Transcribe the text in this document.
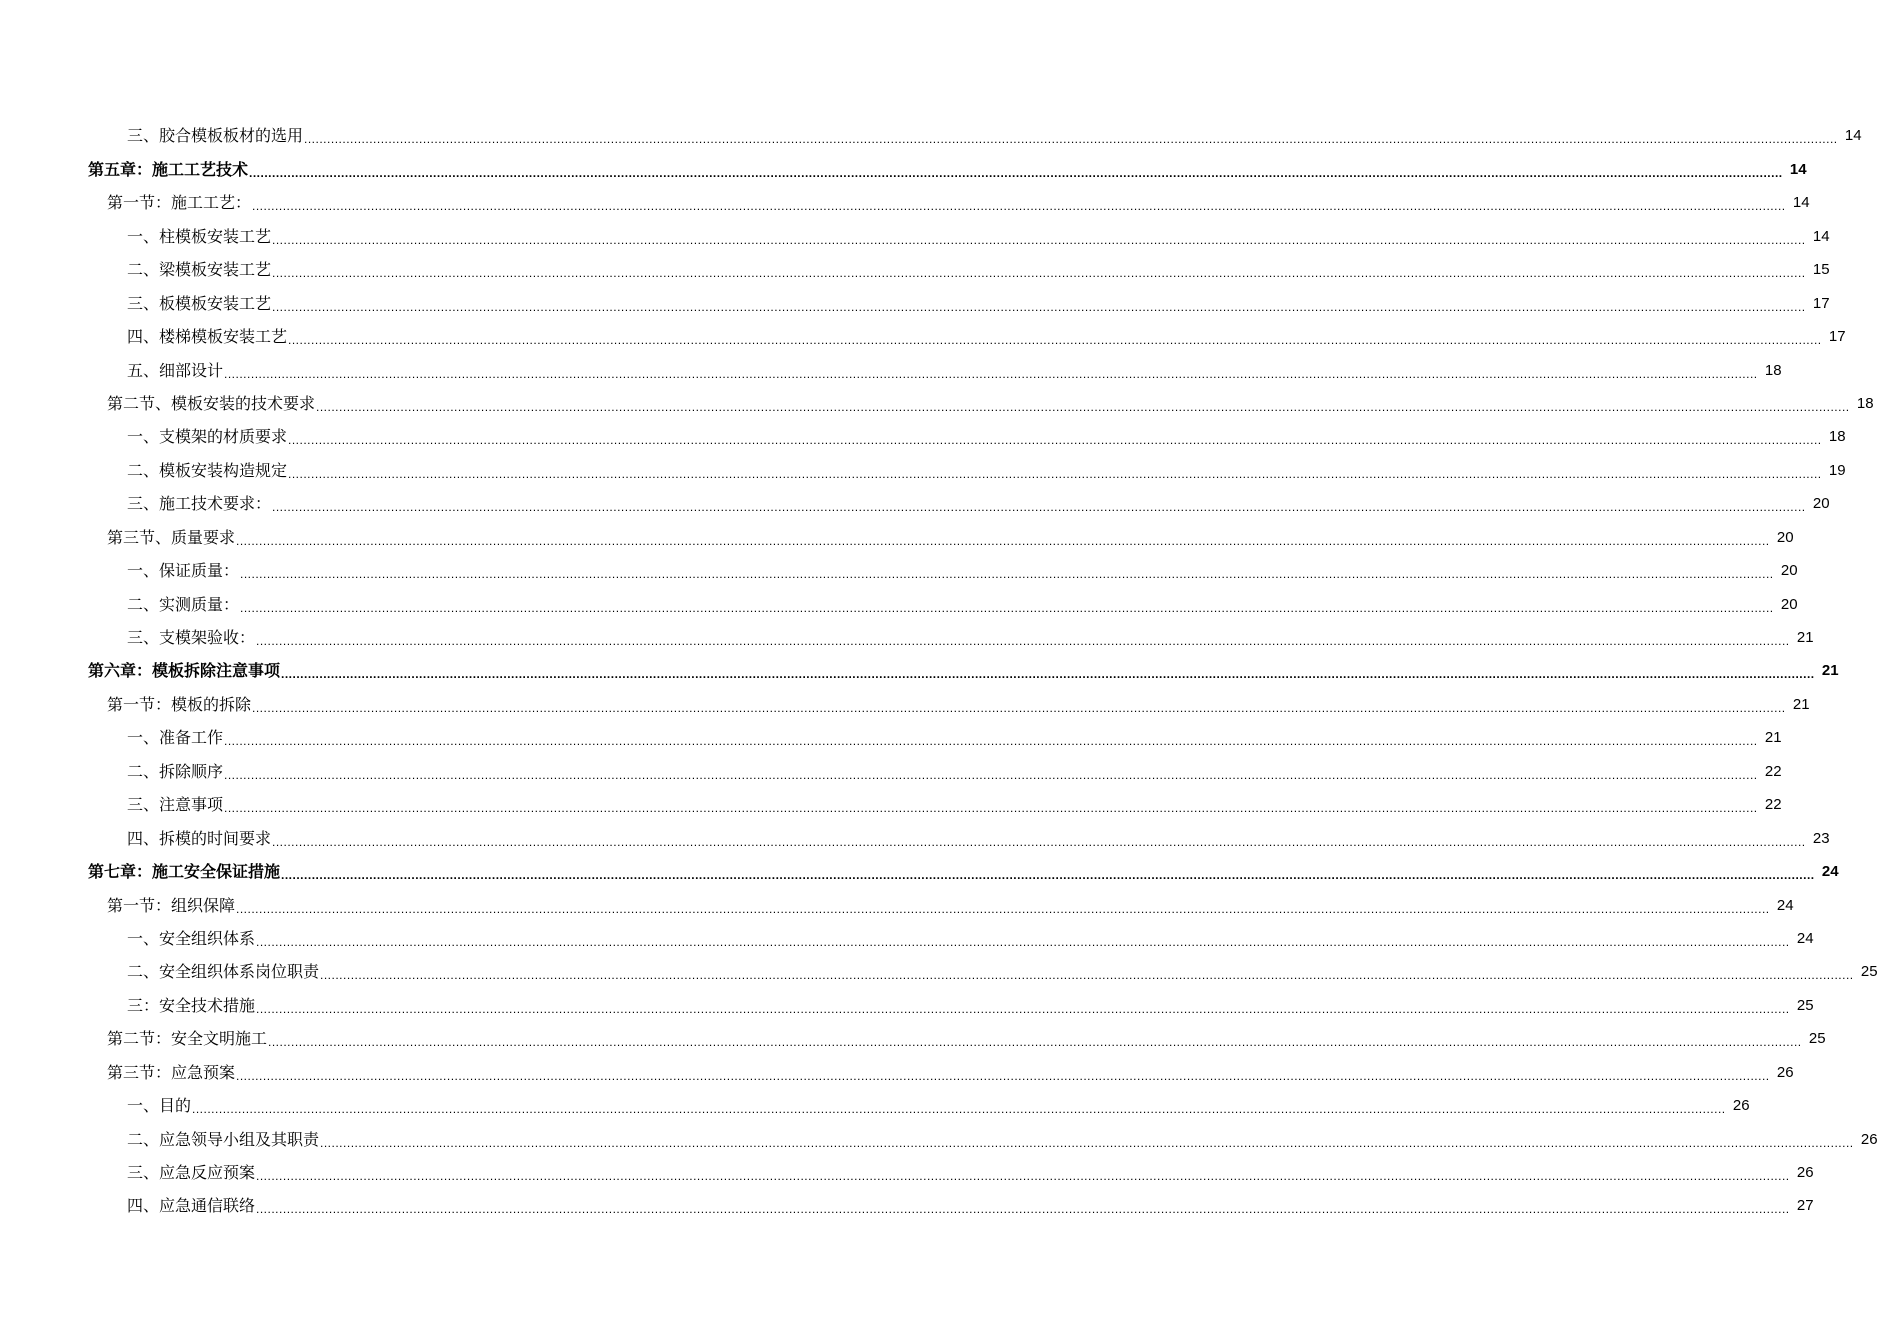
三、胶合模板板材的选用 ................................................................................................................................................................................................................................................................................................................................................................................................................ 14
第五章：施工工艺技术 ................................................................................................................................................................................................................................................................................................................................................................................................................ 14
第一节：施工工艺： ................................................................................................................................................................................................................................................................................................................................................................................................................ 14
一、柱模板安装工艺 ................................................................................................................................................................................................................................................................................................................................................................................................................ 14
二、梁模板安装工艺 ................................................................................................................................................................................................................................................................................................................................................................................................................ 15
三、板模板安装工艺 ................................................................................................................................................................................................................................................................................................................................................................................................................ 17
四、楼梯模板安装工艺 ................................................................................................................................................................................................................................................................................................................................................................................................................ 17
五、细部设计 ................................................................................................................................................................................................................................................................................................................................................................................................................ 18
第二节、模板安装的技术要求 ................................................................................................................................................................................................................................................................................................................................................................................................................ 18
一、支模架的材质要求 ................................................................................................................................................................................................................................................................................................................................................................................................................ 18
二、模板安装构造规定 ................................................................................................................................................................................................................................................................................................................................................................................................................ 19
三、施工技术要求： ................................................................................................................................................................................................................................................................................................................................................................................................................ 20
第三节、质量要求 ................................................................................................................................................................................................................................................................................................................................................................................................................ 20
一、保证质量： ................................................................................................................................................................................................................................................................................................................................................................................................................ 20
二、实测质量： ................................................................................................................................................................................................................................................................................................................................................................................................................ 20
三、支模架验收： ................................................................................................................................................................................................................................................................................................................................................................................................................ 21
第六章：模板拆除注意事项 ................................................................................................................................................................................................................................................................................................................................................................................................................ 21
第一节：模板的拆除 ................................................................................................................................................................................................................................................................................................................................................................................................................ 21
一、准备工作 ................................................................................................................................................................................................................................................................................................................................................................................................................ 21
二、拆除顺序 ................................................................................................................................................................................................................................................................................................................................................................................................................ 22
三、注意事项 ................................................................................................................................................................................................................................................................................................................................................................................................................ 22
四、拆模的时间要求 ................................................................................................................................................................................................................................................................................................................................................................................................................ 23
第七章：施工安全保证措施 ................................................................................................................................................................................................................................................................................................................................................................................................................ 24
第一节：组织保障 ................................................................................................................................................................................................................................................................................................................................................................................................................ 24
一、安全组织体系 ................................................................................................................................................................................................................................................................................................................................................................................................................ 24
二、安全组织体系岗位职责 ................................................................................................................................................................................................................................................................................................................................................................................................................ 25
三：安全技术措施 ................................................................................................................................................................................................................................................................................................................................................................................................................ 25
第二节：安全文明施工 ................................................................................................................................................................................................................................................................................................................................................................................................................ 25
第三节：应急预案 ................................................................................................................................................................................................................................................................................................................................................................................................................ 26
一、目的 ................................................................................................................................................................................................................................................................................................................................................................................................................ 26
二、应急领导小组及其职责 ................................................................................................................................................................................................................................................................................................................................................................................................................ 26
三、应急反应预案 ................................................................................................................................................................................................................................................................................................................................................................................................................ 26
四、应急通信联络 ................................................................................................................................................................................................................................................................................................................................................................................................................ 27
